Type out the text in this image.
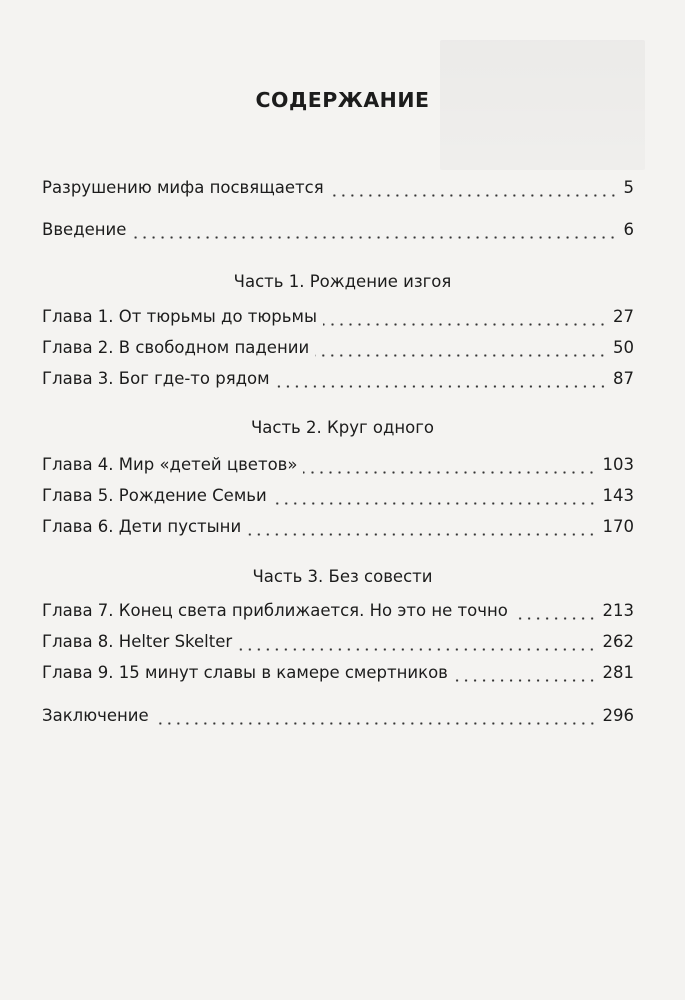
СОДЕРЖАНИЕ
Разрушению мифа посвящается	5
Введение	6
Часть 1. Рождение изгоя
Глава 1. От тюрьмы до тюрьмы	27
Глава 2. В свободном падении	50
Глава 3. Бог где-то рядом	87
Часть 2. Круг одного
Глава 4. Мир «детей цветов»	103
Глава 5. Рождение Семьи	143
Глава 6. Дети пустыни	170
Часть 3. Без совести
Глава 7. Конец света приближается. Но это не точно	213
Глава 8. Helter Skelter	262
Глава 9. 15 минут славы в камере смертников	281
Заключение	296
